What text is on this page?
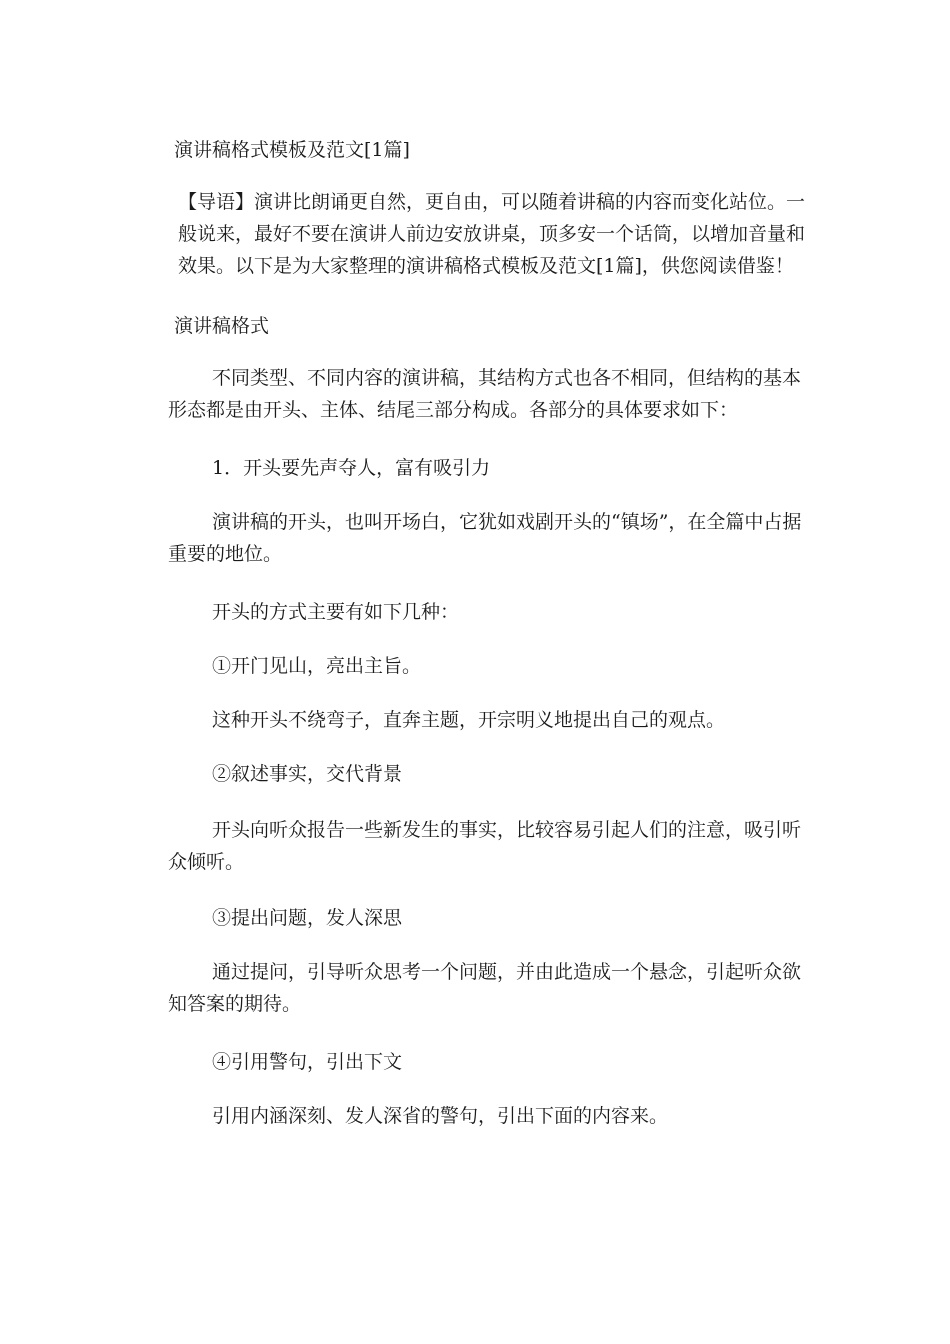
演讲稿格式模板及范文[1篇]

【导语】演讲比朗诵更自然，更自由，可以随着讲稿的内容而变化站位。一般说来，最好不要在演讲人前边安放讲桌，顶多安一个话筒，以增加音量和效果。以下是为大家整理的演讲稿格式模板及范文[1篇]，供您阅读借鉴！

演讲稿格式

不同类型、不同内容的演讲稿，其结构方式也各不相同，但结构的基本形态都是由开头、主体、结尾三部分构成。各部分的具体要求如下：

1．开头要先声夺人，富有吸引力

演讲稿的开头，也叫开场白，它犹如戏剧开头的“镇场”，在全篇中占据重要的地位。

开头的方式主要有如下几种：

①开门见山，亮出主旨。

这种开头不绕弯子，直奔主题，开宗明义地提出自己的观点。

②叙述事实，交代背景

开头向听众报告一些新发生的事实，比较容易引起人们的注意，吸引听众倾听。

③提出问题，发人深思

通过提问，引导听众思考一个问题，并由此造成一个悬念，引起听众欲知答案的期待。

④引用警句，引出下文

引用内涵深刻、发人深省的警句，引出下面的内容来。
